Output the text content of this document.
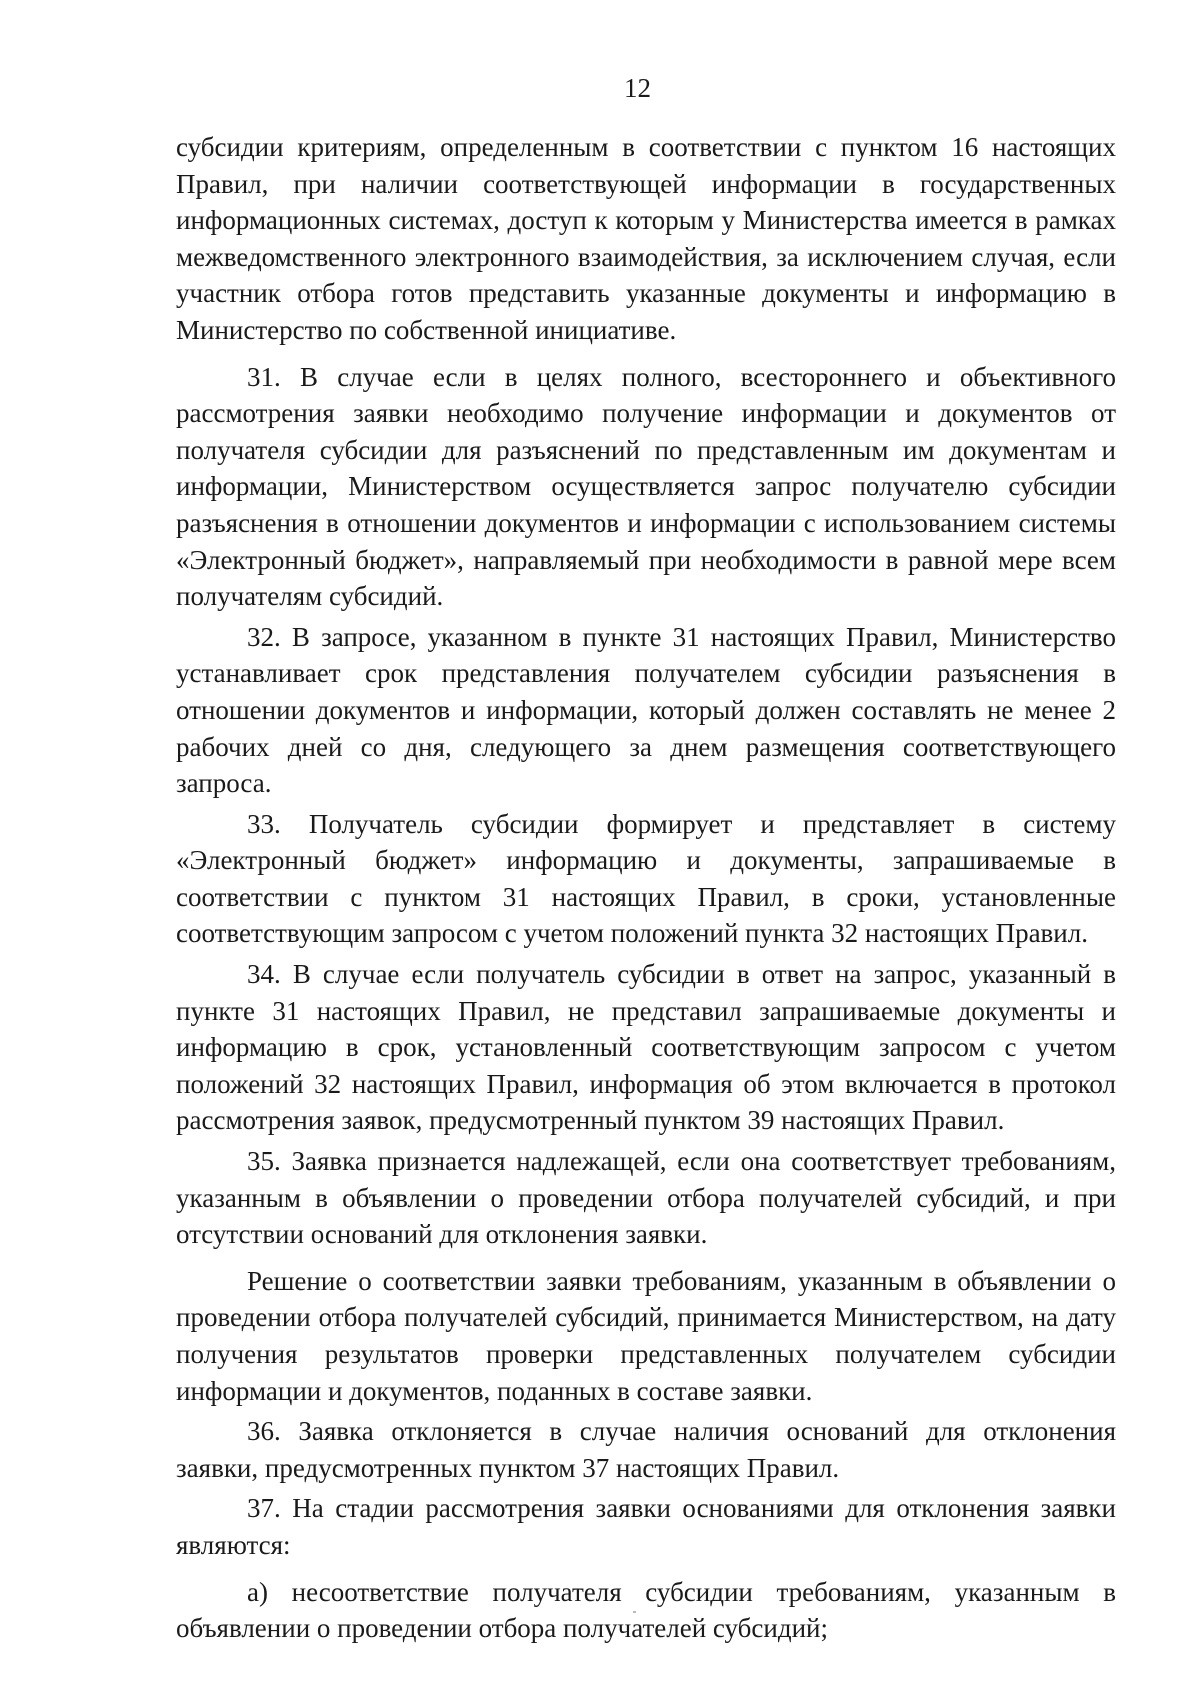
12

субсидии критериям, определенным в соответствии с пунктом 16 настоящих Правил, при наличии соответствующей информации в государственных информационных системах, доступ к которым у Министерства имеется в рамках межведомственного электронного взаимодействия, за исключением случая, если участник отбора готов представить указанные документы и информацию в Министерство по собственной инициативе.

31. В случае если в целях полного, всестороннего и объективного рассмотрения заявки необходимо получение информации и документов от получателя субсидии для разъяснений по представленным им документам и информации, Министерством осуществляется запрос получателю субсидии разъяснения в отношении документов и информации с использованием системы «Электронный бюджет», направляемый при необходимости в равной мере всем получателям субсидий.

32. В запросе, указанном в пункте 31 настоящих Правил, Министерство устанавливает срок представления получателем субсидии разъяснения в отношении документов и информации, который должен составлять не менее 2 рабочих дней со дня, следующего за днем размещения соответствующего запроса.

33. Получатель субсидии формирует и представляет в систему «Электронный бюджет» информацию и документы, запрашиваемые в соответствии с пунктом 31 настоящих Правил, в сроки, установленные соответствующим запросом с учетом положений пункта 32 настоящих Правил.

34. В случае если получатель субсидии в ответ на запрос, указанный в пункте 31 настоящих Правил, не представил запрашиваемые документы и информацию в срок, установленный соответствующим запросом с учетом положений 32 настоящих Правил, информация об этом включается в протокол рассмотрения заявок, предусмотренный пунктом 39 настоящих Правил.

35. Заявка признается надлежащей, если она соответствует требованиям, указанным в объявлении о проведении отбора получателей субсидий, и при отсутствии оснований для отклонения заявки.

Решение о соответствии заявки требованиям, указанным в объявлении о проведении отбора получателей субсидий, принимается Министерством, на дату получения результатов проверки представленных получателем субсидии информации и документов, поданных в составе заявки.

36. Заявка отклоняется в случае наличия оснований для отклонения заявки, предусмотренных пунктом 37 настоящих Правил.

37. На стадии рассмотрения заявки основаниями для отклонения заявки являются:

а) несоответствие получателя субсидии требованиям, указанным в объявлении о проведении отбора получателей субсидий;
